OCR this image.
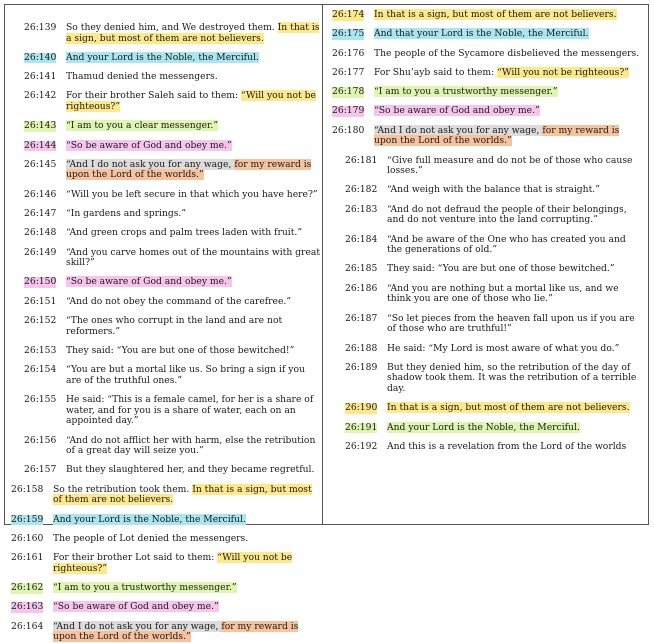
26:139 So they denied him, and We destroyed them. In that is a sign, but most of them are not believers.
26:140 And your Lord is the Noble, the Merciful.
26:141 Thamud denied the messengers.
26:142 For their brother Saleh said to them: “Will you not be righteous?”
26:143 “I am to you a clear messenger.”
26:144 “So be aware of God and obey me.”
26:145 “And I do not ask you for any wage, for my reward is upon the Lord of the worlds.”
26:146 “Will you be left secure in that which you have here?”
26:147 “In gardens and springs.”
26:148 “And green crops and palm trees laden with fruit.”
26:149 “And you carve homes out of the mountains with great skill?”
26:150 “So be aware of God and obey me.”
26:151 “And do not obey the command of the carefree.”
26:152 “The ones who corrupt in the land and are not reformers.”
26:153 They said: “You are but one of those bewitched!”
26:154 “You are but a mortal like us. So bring a sign if you are of the truthful ones.”
26:155 He said: “This is a female camel, for her is a share of water, and for you is a share of water, each on an appointed day.”
26:156 “And do not afflict her with harm, else the retribution of a great day will seize you.”
26:157 But they slaughtered her, and they became regretful.
26:158 So the retribution took them. In that is a sign, but most of them are not believers.
26:159 And your Lord is the Noble, the Merciful.
26:160 The people of Lot denied the messengers.
26:161 For their brother Lot said to them: “Will you not be righteous?”
26:162 “I am to you a trustworthy messenger.”
26:163 “So be aware of God and obey me.”
26:164 “And I do not ask you for any wage, for my reward is upon the Lord of the worlds.”
26:174 In that is a sign, but most of them are not believers.
26:175 And that your Lord is the Noble, the Merciful.
26:176 The people of the Sycamore disbelieved the messengers.
26:177 For Shu’ayb said to them: “Will you not be righteous?”
26:178 “I am to you a trustworthy messenger.”
26:179 “So be aware of God and obey me.”
26:180 “And I do not ask you for any wage, for my reward is upon the Lord of the worlds.”
26:181 “Give full measure and do not be of those who cause losses.”
26:182 “And weigh with the balance that is straight.”
26:183 “And do not defraud the people of their belongings, and do not venture into the land corrupting.”
26:184 “And be aware of the One who has created you and the generations of old.”
26:185 They said: “You are but one of those bewitched.”
26:186 “And you are nothing but a mortal like us, and we think you are one of those who lie.”
26:187 “So let pieces from the heaven fall upon us if you are of those who are truthful!”
26:188 He said: “My Lord is most aware of what you do.”
26:189 But they denied him, so the retribution of the day of shadow took them. It was the retribution of a terrible day.
26:190 In that is a sign, but most of them are not believers.
26:191 And your Lord is the Noble, the Merciful.
26:192 And this is a revelation from the Lord of the worlds
